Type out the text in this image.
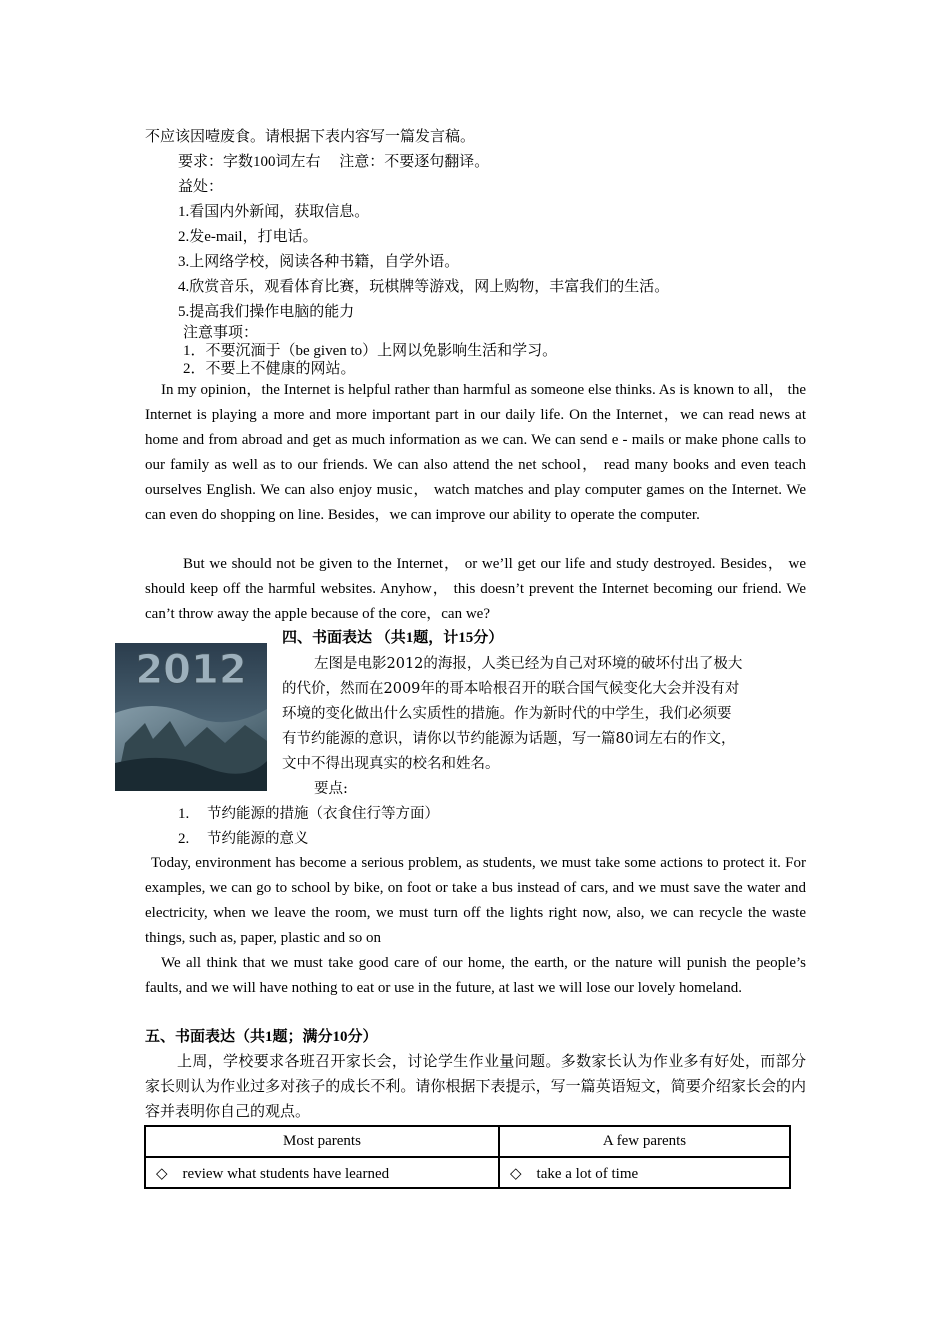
不应该因噎废食。请根据下表内容写一篇发言稿。
要求：字数100词左右　 注意：不要逐句翻译。
益处：
1.看国内外新闻，获取信息。
2.发e-mail，打电话。
3.上网络学校，阅读各种书籍，自学外语。
4.欣赏音乐，观看体育比赛，玩棋牌等游戏，网上购物，丰富我们的生活。
5.提高我们操作电脑的能力
注意事项：
1．不要沉湎于（be given to）上网以免影响生活和学习。
2．不要上不健康的网站。
In my opinion，the Internet is helpful rather than harmful as someone else thinks. As is known to all， the Internet is playing a more and more important part in our daily life. On the Internet，we can read news at home and from abroad and get as much information as we can. We can send e - mails or make phone calls to our family as well as to our friends. We can also attend the net school， read many books and even teach ourselves English. We can also enjoy music， watch matches and play computer games on the Internet. We can even do shopping on line. Besides，we can improve our ability to operate the computer.
But we should not be given to the Internet， or we’ll get our life and study destroyed. Besides， we should keep off the harmful websites. Anyhow， this doesn’t prevent the Internet becoming our friend. We can’t throw away the apple because of the core，can we?
2012
四、书面表达 （共1题，计15分）
左图是电影2012的海报，人类已经为自己对环境的破坏付出了极大
的代价，然而在2009年的哥本哈根召开的联合国气候变化大会并没有对
环境的变化做出什么实质性的措施。作为新时代的中学生，我们必须要
有节约能源的意识，请你以节约能源为话题，写一篇80词左右的作文，
文中不得出现真实的校名和姓名。
要点:
1. 节约能源的措施（衣食住行等方面）
2. 节约能源的意义
Today, environment has become a serious problem, as students, we must take some actions to protect it. For examples, we can go to school by bike, on foot or take a bus instead of cars, and we must save the water and electricity, when we leave the room, we must turn off the lights right now, also, we can recycle the waste things, such as, paper, plastic and so on
We all think that we must take good care of our home, the earth, or the nature will punish the people’s faults, and we will have nothing to eat or use in the future, at last we will lose our lovely homeland.
五、书面表达（共1题；满分10分）
上周，学校要求各班召开家长会，讨论学生作业量问题。多数家长认为作业多有好处，而部分家长则认为作业过多对孩子的成长不利。请你根据下表提示，写一篇英语短文，简要介绍家长会的内容并表明你自己的观点。
Most parents	A few parents
◇　review what students have learned	◇　take a lot of time
